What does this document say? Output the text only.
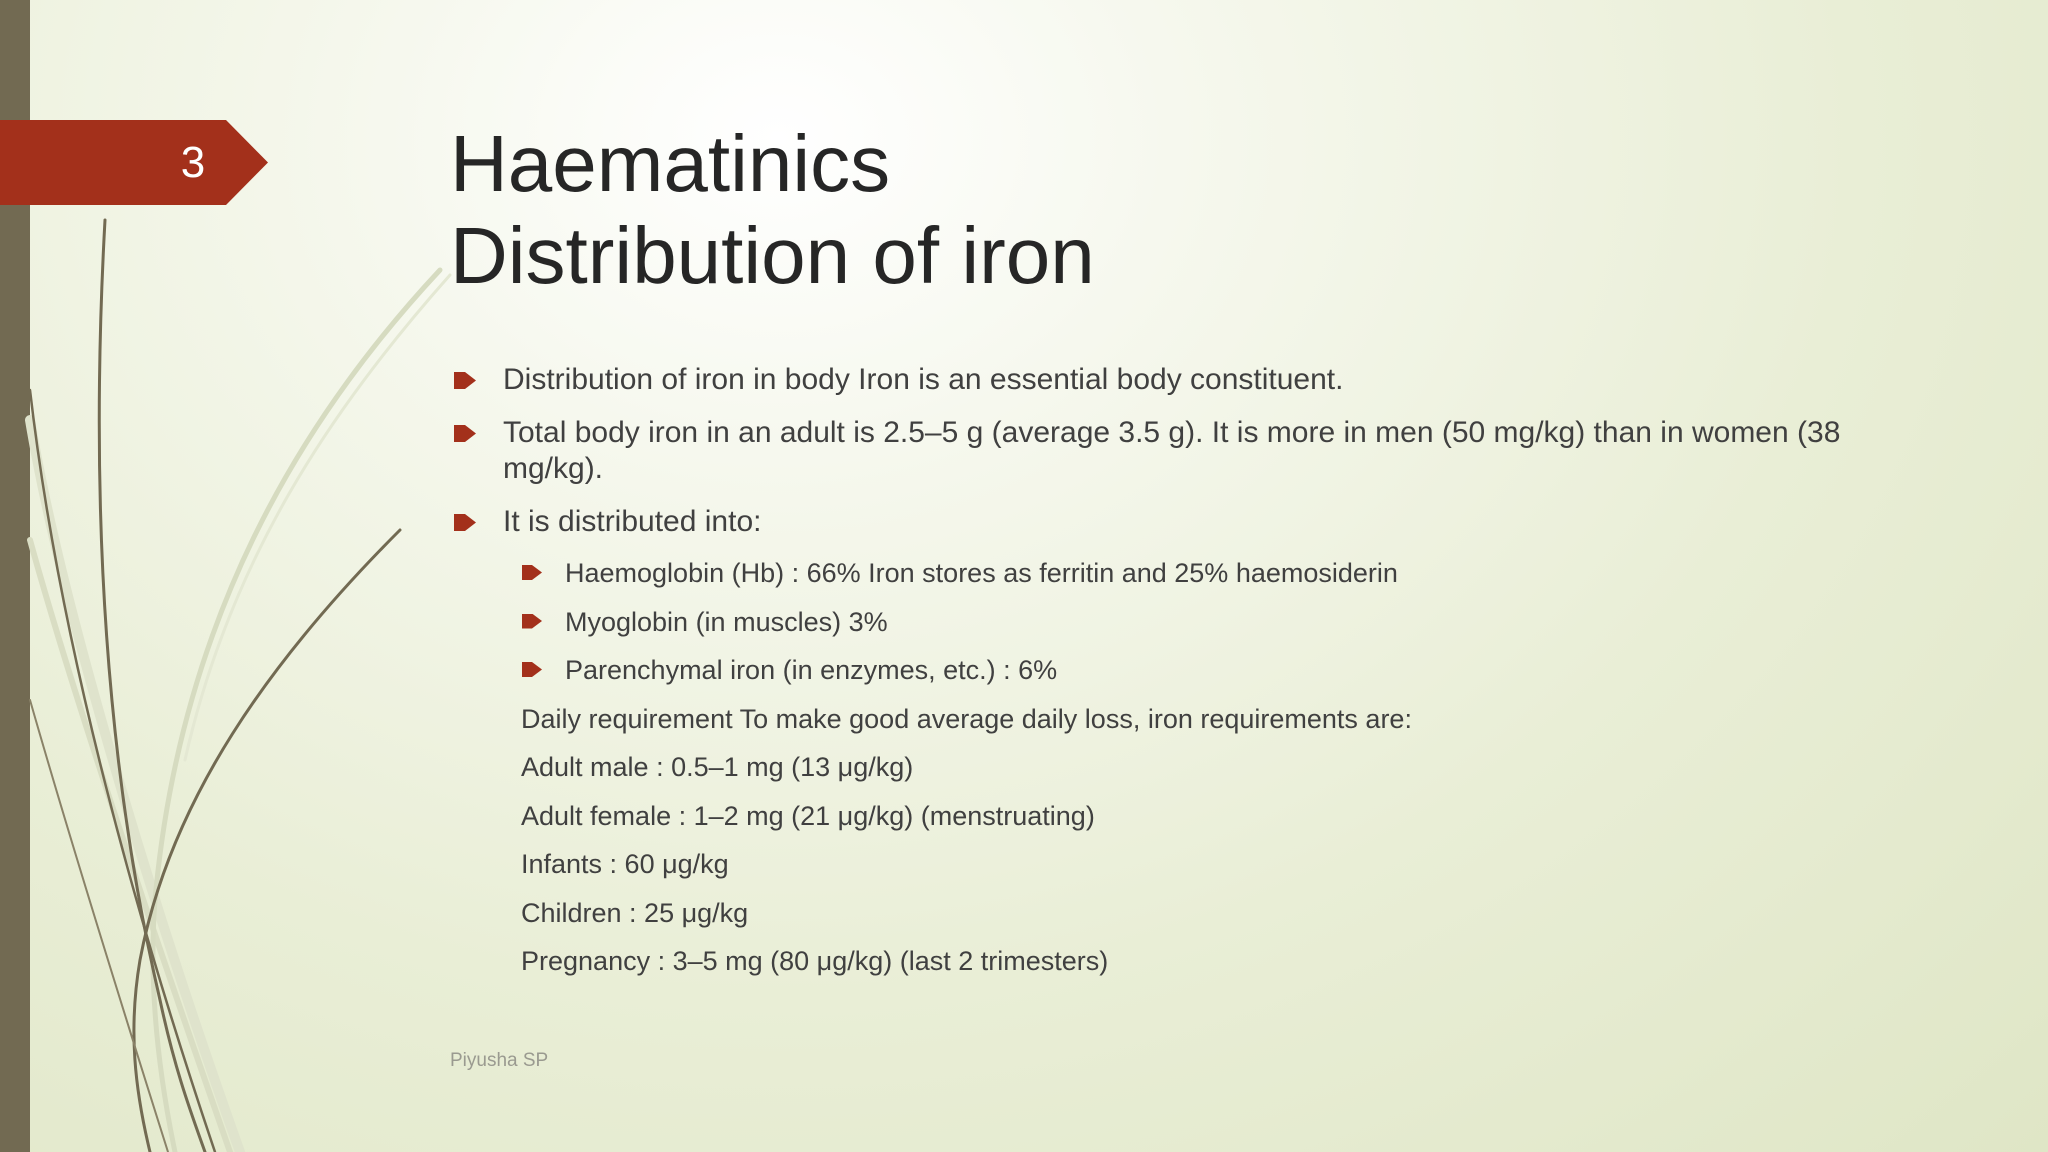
3	Haematinics
Distribution of iron
Distribution of iron in body Iron is an essential body constituent.
Total body iron in an adult is 2.5–5 g (average 3.5 g). It is more in men (50 mg/kg) than in women (38 mg/kg).
It is distributed into:
Haemoglobin (Hb) : 66% Iron stores as ferritin and 25% haemosiderin
Myoglobin (in muscles) 3%
Parenchymal iron (in enzymes, etc.) : 6%
Daily requirement To make good average daily loss, iron requirements are:
Adult male : 0.5–1 mg (13 μg/kg)
Adult female : 1–2 mg (21 μg/kg) (menstruating)
Infants : 60 μg/kg
Children : 25 μg/kg
Pregnancy : 3–5 mg (80 μg/kg) (last 2 trimesters)
Piyusha SP
